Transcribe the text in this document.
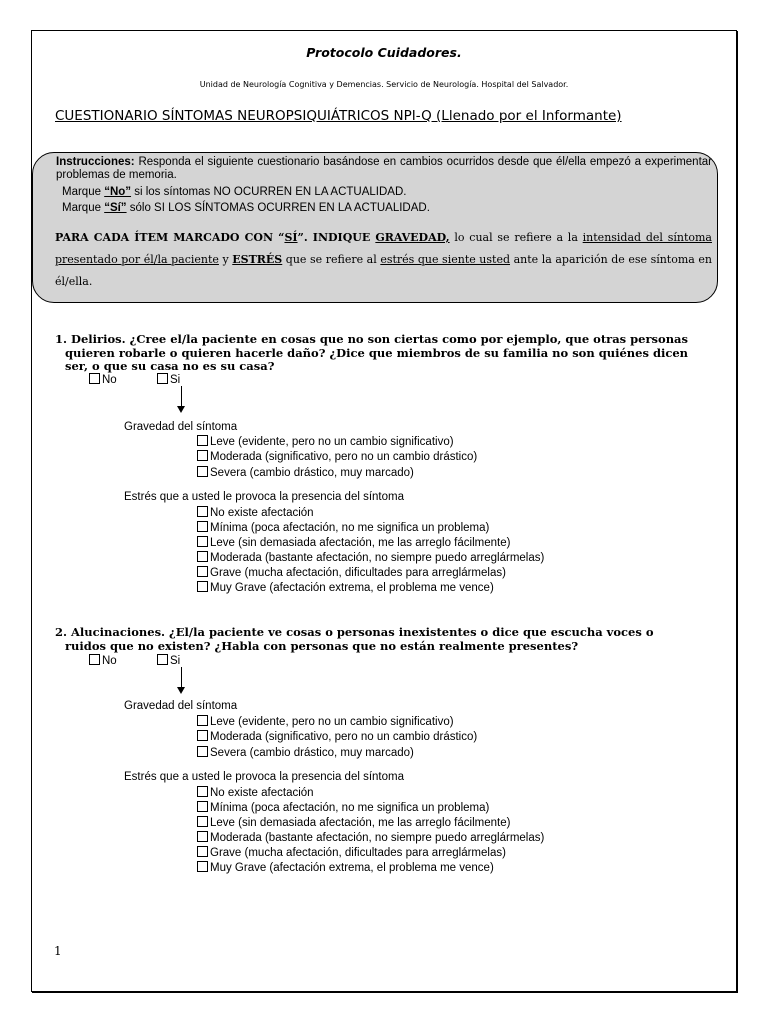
Protocolo Cuidadores.
Unidad de Neurología Cognitiva y Demencias. Servicio de Neurología. Hospital del Salvador.
CUESTIONARIO SÍNTOMAS NEUROPSIQUIÁTRICOS NPI-Q (Llenado por el Informante)
Instrucciones: Responda el siguiente cuestionario basándose en cambios ocurridos desde que él/ella empezó a experimentar problemas de memoria.
Marque “No” si los síntomas NO OCURREN EN LA ACTUALIDAD.
Marque “Sí” sólo SI LOS SÍNTOMAS OCURREN EN LA ACTUALIDAD.
PARA CADA ÍTEM MARCADO CON “SÍ”. INDIQUE GRAVEDAD, lo cual se refiere a la intensidad del síntoma presentado por él/la paciente y ESTRÉS que se refiere al estrés que siente usted ante la aparición de ese síntoma en él/ella.
1. Delirios. ¿Cree el/la paciente en cosas que no son ciertas como por ejemplo, que otras personas
quieren robarle o quieren hacerle daño? ¿Dice que miembros de su familia no son quiénes dicen
ser, o que su casa no es su casa?
No	Si
Gravedad del síntoma
Leve (evidente, pero no un cambio significativo)
Moderada (significativo, pero no un cambio drástico)
Severa (cambio drástico, muy marcado)
Estrés que a usted le provoca la presencia del síntoma
No existe afectación
Mínima (poca afectación, no me significa un problema)
Leve (sin demasiada afectación, me las arreglo fácilmente)
Moderada (bastante afectación, no siempre puedo arreglármelas)
Grave (mucha afectación, dificultades para arreglármelas)
Muy Grave (afectación extrema, el problema me vence)
2. Alucinaciones. ¿El/la paciente ve cosas o personas inexistentes o dice que escucha voces o
ruidos que no existen? ¿Habla con personas que no están realmente presentes?
No	Si
Gravedad del síntoma
Leve (evidente, pero no un cambio significativo)
Moderada (significativo, pero no un cambio drástico)
Severa (cambio drástico, muy marcado)
Estrés que a usted le provoca la presencia del síntoma
No existe afectación
Mínima (poca afectación, no me significa un problema)
Leve (sin demasiada afectación, me las arreglo fácilmente)
Moderada (bastante afectación, no siempre puedo arreglármelas)
Grave (mucha afectación, dificultades para arreglármelas)
Muy Grave (afectación extrema, el problema me vence)
1
